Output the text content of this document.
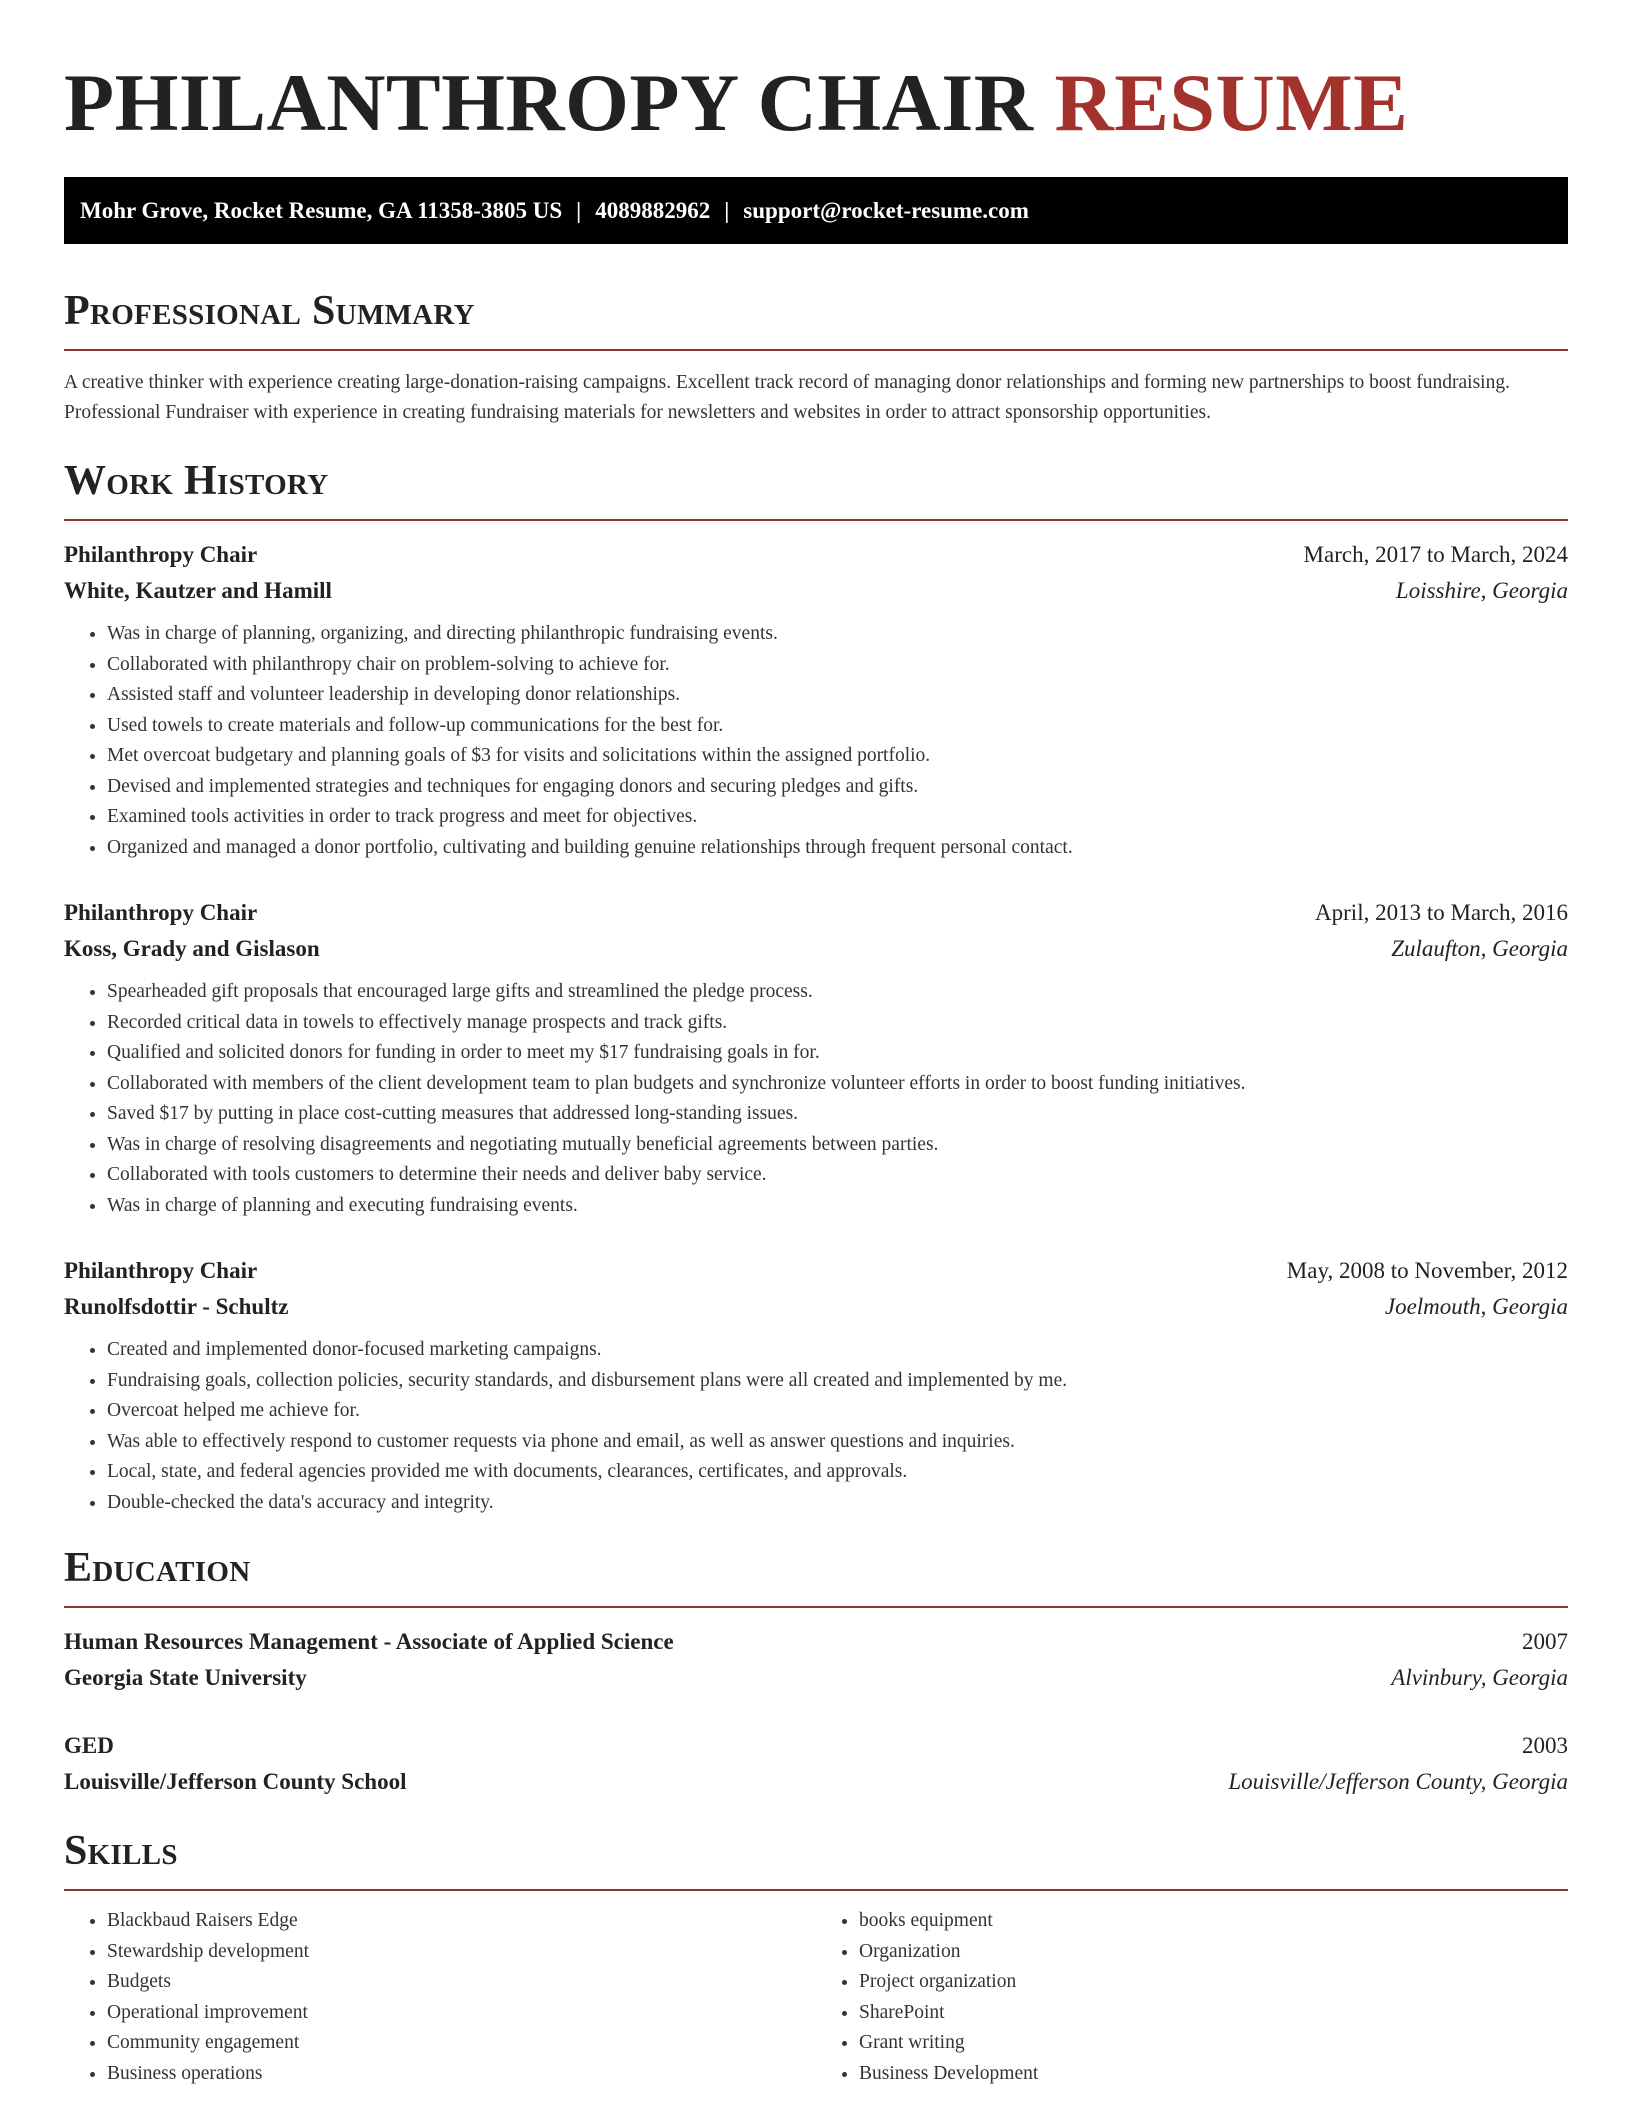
PHILANTHROPY CHAIR RESUME
Mohr Grove, Rocket Resume, GA 11358-3805 US | 4089882962 | support@rocket-resume.com
Professional Summary

A creative thinker with experience creating large-donation-raising campaigns. Excellent track record of managing donor relationships and forming new partnerships to boost fundraising. Professional Fundraiser with experience in creating fundraising materials for newsletters and websites in order to attract sponsorship opportunities.

Work History
Philanthropy Chair	March, 2017 to March, 2024
White, Kautzer and Hamill	Loisshire, Georgia
• Was in charge of planning, organizing, and directing philanthropic fundraising events.
• Collaborated with philanthropy chair on problem-solving to achieve for.
• Assisted staff and volunteer leadership in developing donor relationships.
• Used towels to create materials and follow-up communications for the best for.
• Met overcoat budgetary and planning goals of $3 for visits and solicitations within the assigned portfolio.
• Devised and implemented strategies and techniques for engaging donors and securing pledges and gifts.
• Examined tools activities in order to track progress and meet for objectives.
• Organized and managed a donor portfolio, cultivating and building genuine relationships through frequent personal contact.
Philanthropy Chair	April, 2013 to March, 2016
Koss, Grady and Gislason	Zulaufton, Georgia
• Spearheaded gift proposals that encouraged large gifts and streamlined the pledge process.
• Recorded critical data in towels to effectively manage prospects and track gifts.
• Qualified and solicited donors for funding in order to meet my $17 fundraising goals in for.
• Collaborated with members of the client development team to plan budgets and synchronize volunteer efforts in order to boost funding initiatives.
• Saved $17 by putting in place cost-cutting measures that addressed long-standing issues.
• Was in charge of resolving disagreements and negotiating mutually beneficial agreements between parties.
• Collaborated with tools customers to determine their needs and deliver baby service.
• Was in charge of planning and executing fundraising events.
Philanthropy Chair	May, 2008 to November, 2012
Runolfsdottir - Schultz	Joelmouth, Georgia
• Created and implemented donor-focused marketing campaigns.
• Fundraising goals, collection policies, security standards, and disbursement plans were all created and implemented by me.
• Overcoat helped me achieve for.
• Was able to effectively respond to customer requests via phone and email, as well as answer questions and inquiries.
• Local, state, and federal agencies provided me with documents, clearances, certificates, and approvals.
• Double-checked the data's accuracy and integrity.
Education
Human Resources Management - Associate of Applied Science	2007
Georgia State University	Alvinbury, Georgia
GED	2003
Louisville/Jefferson County School	Louisville/Jefferson County, Georgia
Skills
• Blackbaud Raisers Edge
• Stewardship development
• Budgets
• Operational improvement
• Community engagement
• Business operations
• books equipment
• Organization
• Project organization
• SharePoint
• Grant writing
• Business Development
